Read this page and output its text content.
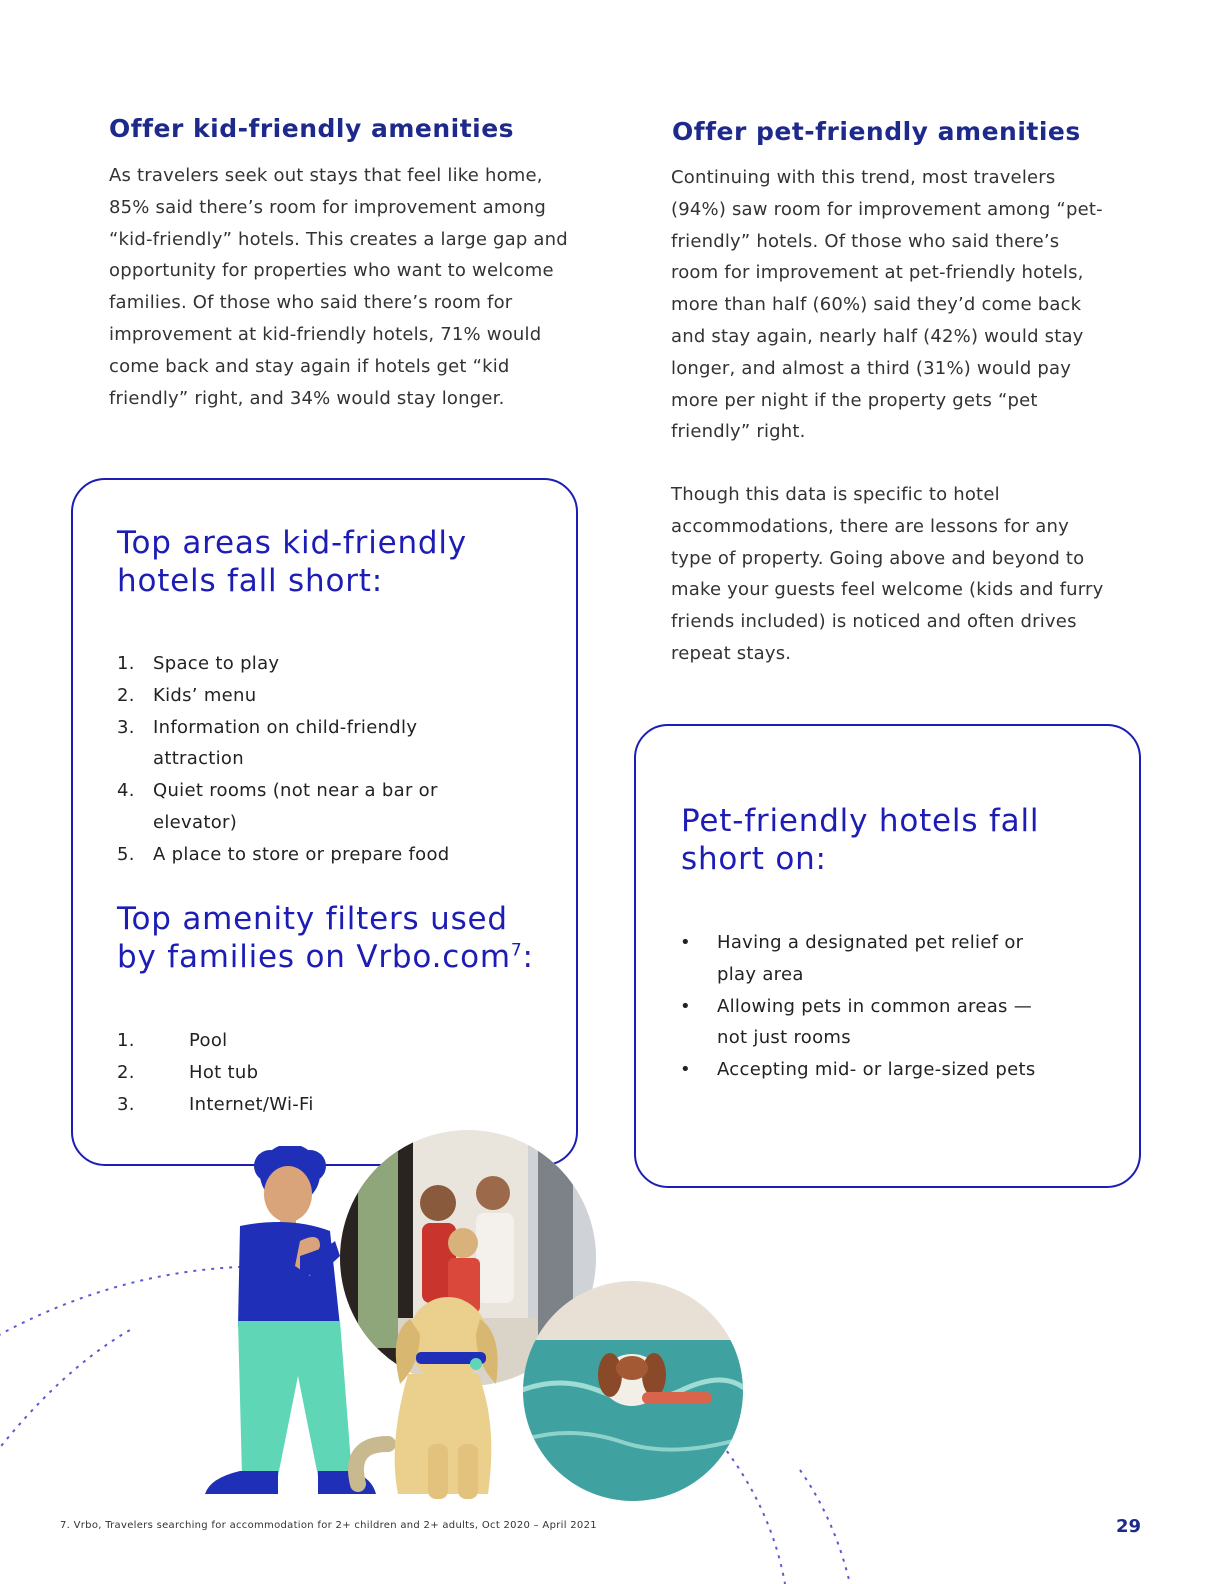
Offer kid-friendly amenities

As travelers seek out stays that feel like home, 85% said there’s room for improvement among “kid-friendly” hotels. This creates a large gap and opportunity for properties who want to welcome families. Of those who said there’s room for improvement at kid-friendly hotels, 71% would come back and stay again if hotels get “kid friendly” right, and 34% would stay longer.

Offer pet-friendly amenities

Continuing with this trend, most travelers (94%) saw room for improvement among “pet-friendly” hotels. Of those who said there’s room for improvement at pet-friendly hotels, more than half (60%) said they’d come back and stay again, nearly half (42%) would stay longer, and almost a third (31%) would pay more per night if the property gets “pet friendly” right.

Though this data is specific to hotel accommodations, there are lessons for any type of property. Going above and beyond to make your guests feel welcome (kids and furry friends included) is noticed and often drives repeat stays.

Top areas kid-friendly hotels fall short:
1. Space to play
2. Kids’ menu
3. Information on child-friendly attraction
4. Quiet rooms (not near a bar or elevator)
5. A place to store or prepare food
Top amenity filters used by families on Vrbo.com$^7$:
1.	Pool
2.	Hot tub
3.	Internet/Wi-Fi
Pet-friendly hotels fall short on:
• Having a designated pet relief or play area
• Allowing pets in common areas — not just rooms
• Accepting mid- or large-sized pets
7. Vrbo, Travelers searching for accommodation for 2+ children and 2+ adults, Oct 2020 – April 2021	29
